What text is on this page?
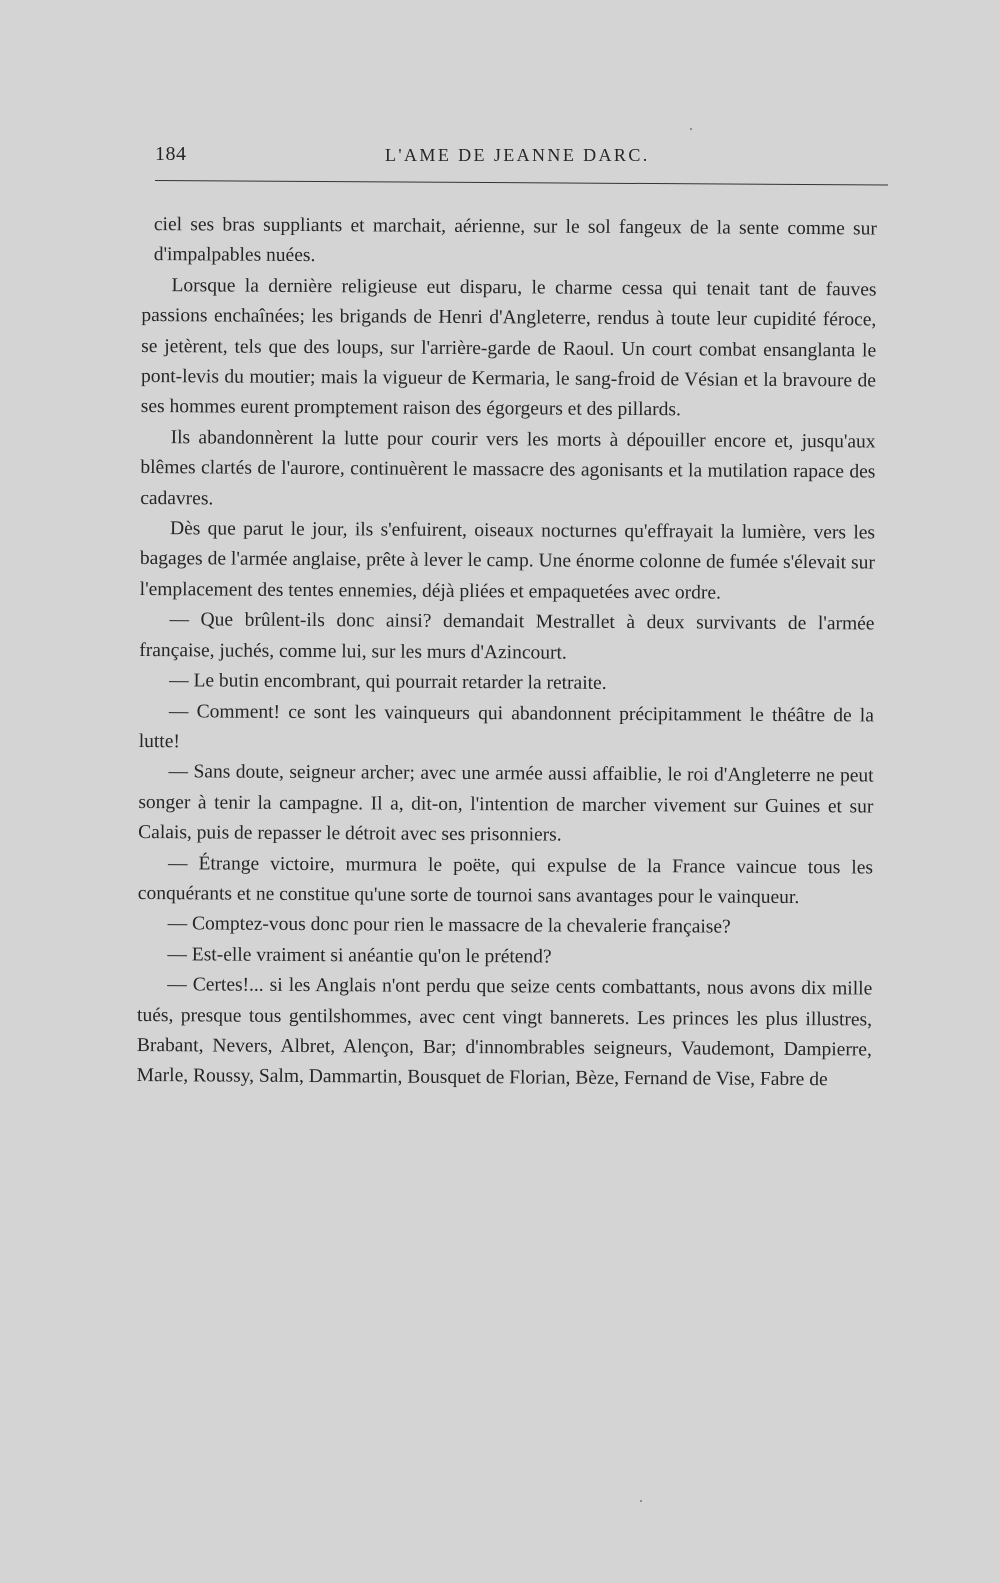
184	L'AME DE JEANNE DARC.

ciel ses bras suppliants et marchait, aérienne, sur le sol fangeux de la sente comme sur d'impalpables nuées.

Lorsque la dernière religieuse eut disparu, le charme cessa qui tenait tant de fauves passions enchaînées; les brigands de Henri d'Angleterre, rendus à toute leur cupidité féroce, se jetèrent, tels que des loups, sur l'arrière-garde de Raoul. Un court combat ensanglanta le pont-levis du moutier; mais la vigueur de Kermaria, le sang-froid de Vésian et la bravoure de ses hommes eurent promptement raison des égorgeurs et des pillards.

Ils abandonnèrent la lutte pour courir vers les morts à dépouiller encore et, jusqu'aux blêmes clartés de l'aurore, continuèrent le massacre des agonisants et la mutilation rapace des cadavres.

Dès que parut le jour, ils s'enfuirent, oiseaux nocturnes qu'effrayait la lumière, vers les bagages de l'armée anglaise, prête à lever le camp. Une énorme colonne de fumée s'élevait sur l'emplacement des tentes ennemies, déjà pliées et empaquetées avec ordre.

— Que brûlent-ils donc ainsi? demandait Mestrallet à deux survivants de l'armée française, juchés, comme lui, sur les murs d'Azincourt.

— Le butin encombrant, qui pourrait retarder la retraite.

— Comment! ce sont les vainqueurs qui abandonnent précipitamment le théâtre de la lutte!

— Sans doute, seigneur archer; avec une armée aussi affaiblie, le roi d'Angleterre ne peut songer à tenir la campagne. Il a, dit-on, l'intention de marcher vivement sur Guines et sur Calais, puis de repasser le détroit avec ses prisonniers.

— Étrange victoire, murmura le poëte, qui expulse de la France vaincue tous les conquérants et ne constitue qu'une sorte de tournoi sans avantages pour le vainqueur.

— Comptez-vous donc pour rien le massacre de la chevalerie française?

— Est-elle vraiment si anéantie qu'on le prétend?

— Certes!... si les Anglais n'ont perdu que seize cents combattants, nous avons dix mille tués, presque tous gentilshommes, avec cent vingt bannerets. Les princes les plus illustres, Brabant, Nevers, Albret, Alençon, Bar; d'innombrables seigneurs, Vaudemont, Dampierre, Marle, Roussy, Salm, Dammartin, Bousquet de Florian, Bèze, Fernand de Vise, Fabre de
